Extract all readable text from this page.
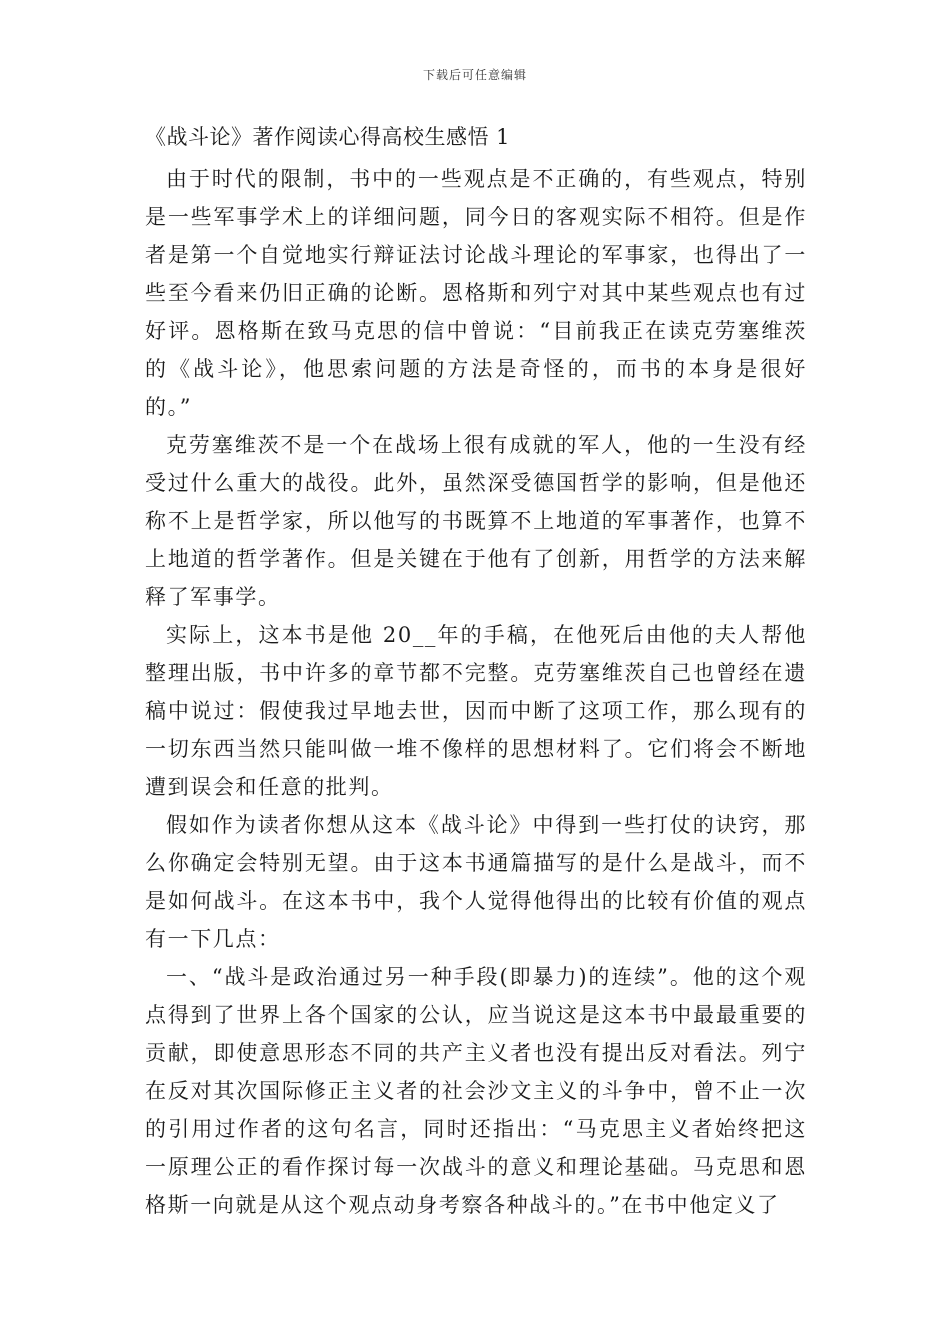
下载后可任意编辑
《战斗论》著作阅读心得高校生感悟 1

由于时代的限制，书中的一些观点是不正确的，有些观点，特别是一些军事学术上的详细问题，同今日的客观实际不相符。但是作者是第一个自觉地实行辩证法讨论战斗理论的军事家，也得出了一些至今看来仍旧正确的论断。恩格斯和列宁对其中某些观点也有过好评。恩格斯在致马克思的信中曾说：“目前我正在读克劳塞维茨的《战斗论》，他思索问题的方法是奇怪的，而书的本身是很好的。”

克劳塞维茨不是一个在战场上很有成就的军人，他的一生没有经受过什么重大的战役。此外，虽然深受德国哲学的影响，但是他还称不上是哲学家，所以他写的书既算不上地道的军事著作，也算不上地道的哲学著作。但是关键在于他有了创新，用哲学的方法来解释了军事学。

实际上，这本书是他 20__年的手稿，在他死后由他的夫人帮他整理出版，书中许多的章节都不完整。克劳塞维茨自己也曾经在遗稿中说过：假使我过早地去世，因而中断了这项工作，那么现有的一切东西当然只能叫做一堆不像样的思想材料了。它们将会不断地遭到误会和任意的批判。

假如作为读者你想从这本《战斗论》中得到一些打仗的诀窍，那么你确定会特别无望。由于这本书通篇描写的是什么是战斗，而不是如何战斗。在这本书中，我个人觉得他得出的比较有价值的观点有一下几点：

一、“战斗是政治通过另一种手段(即暴力)的连续”。他的这个观点得到了世界上各个国家的公认，应当说这是这本书中最最重要的贡献，即使意思形态不同的共产主义者也没有提出反对看法。列宁在反对其次国际修正主义者的社会沙文主义的斗争中，曾不止一次的引用过作者的这句名言，同时还指出：“马克思主义者始终把这一原理公正的看作探讨每一次战斗的意义和理论基础。马克思和恩格斯一向就是从这个观点动身考察各种战斗的。”在书中他定义了
